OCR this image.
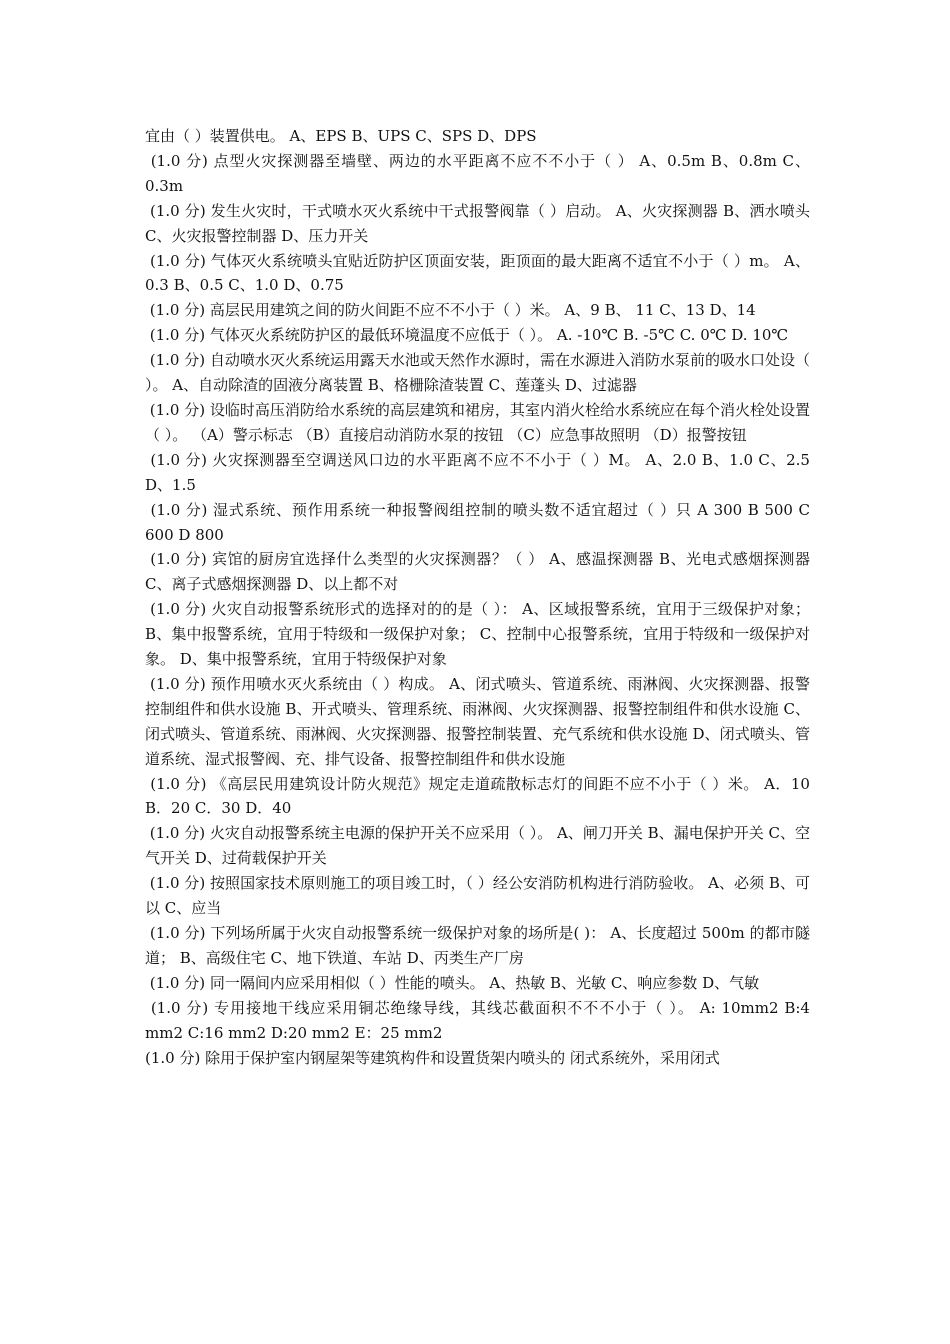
宜由（ ）装置供电。 A、EPS B、UPS C、SPS D、DPS

(1.0 分) 点型火灾探测器至墙壁、两边的水平距离不应不不小于（ ） A、0.5m B、0.8m C、0.3m

(1.0 分) 发生火灾时，干式喷水灭火系统中干式报警阀靠（ ）启动。 A、火灾探测器 B、洒水喷头 C、火灾报警控制器 D、压力开关

(1.0 分) 气体灭火系统喷头宜贴近防护区顶面安装，距顶面的最大距离不适宜不小于（ ）m。 A、0.3 B、0.5 C、1.0 D、0.75

(1.0 分) 高层民用建筑之间的防火间距不应不不小于（ ）米。 A、9 B、 11 C、13 D、14

(1.0 分) 气体灭火系统防护区的最低环境温度不应低于（ ）。 A. -10℃ B. -5℃ C. 0℃ D. 10℃

(1.0 分) 自动喷水灭火系统运用露天水池或天然作水源时，需在水源进入消防水泵前的吸水口处设（ ）。 A、自动除渣的固液分离装置 B、格栅除渣装置 C、莲蓬头 D、过滤器

(1.0 分) 设临时高压消防给水系统的高层建筑和裙房，其室内消火栓给水系统应在每个消火栓处设置（ ）。 （A）警示标志 （B）直接启动消防水泵的按钮 （C）应急事故照明 （D）报警按钮

(1.0 分) 火灾探测器至空调送风口边的水平距离不应不不小于（ ）M。 A、2.0 B、1.0 C、2.5 D、1.5

(1.0 分) 湿式系统、预作用系统一种报警阀组控制的喷头数不适宜超过（ ）只 A 300 B 500 C 600 D 800

(1.0 分) 宾馆的厨房宜选择什么类型的火灾探测器？（ ） A、感温探测器 B、光电式感烟探测器 C、离子式感烟探测器 D、以上都不对

(1.0 分) 火灾自动报警系统形式的选择对的的是（ ）： A、区域报警系统，宜用于三级保护对象； B、集中报警系统，宜用于特级和一级保护对象； C、控制中心报警系统，宜用于特级和一级保护对象。 D、集中报警系统，宜用于特级保护对象

(1.0 分) 预作用喷水灭火系统由（ ）构成。 A、闭式喷头、管道系统、雨淋阀、火灾探测器、报警控制组件和供水设施 B、开式喷头、管理系统、雨淋阀、火灾探测器、报警控制组件和供水设施 C、闭式喷头、管道系统、雨淋阀、火灾探测器、报警控制装置、充气系统和供水设施 D、闭式喷头、管道系统、湿式报警阀、充、排气设备、报警控制组件和供水设施

(1.0 分) 《高层民用建筑设计防火规范》规定走道疏散标志灯的间距不应不小于（ ）米。 A．10 B．20 C．30 D．40

(1.0 分) 火灾自动报警系统主电源的保护开关不应采用（ ）。 A、闸刀开关 B、漏电保护开关 C、空气开关 D、过荷载保护开关

(1.0 分) 按照国家技术原则施工的项目竣工时，（ ）经公安消防机构进行消防验收。 A、必须 B、可以 C、应当

(1.0 分) 下列场所属于火灾自动报警系统一级保护对象的场所是( )： A、长度超过 500m 的都市隧道； B、高级住宅 C、地下铁道、车站 D、丙类生产厂房

(1.0 分) 同一隔间内应采用相似（ ）性能的喷头。 A、热敏 B、光敏 C、响应参数 D、气敏

(1.0 分) 专用接地干线应采用铜芯绝缘导线，其线芯截面积不不不小于（ ）。 A: 10mm2 B:4 mm2 C:16 mm2 D:20 mm2 E：25 mm2

(1.0 分) 除用于保护室内钢屋架等建筑构件和设置货架内喷头的 闭式系统外，采用闭式
